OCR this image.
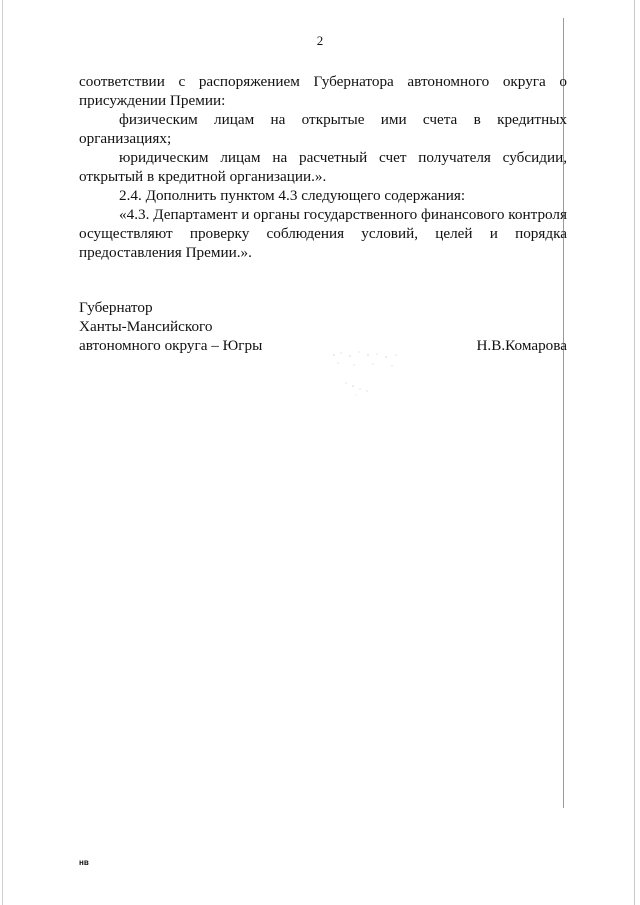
2

соответствии с распоряжением Губернатора автономного округа о присуждении Премии:

физическим лицам на открытые ими счета в кредитных организациях;

юридическим лицам на расчетный счет получателя субсидии, открытый в кредитной организации.».

2.4. Дополнить пунктом 4.3 следующего содержания:

«4.3. Департамент и органы государственного финансового контроля осуществляют проверку соблюдения условий, целей и порядка предоставления Премии.».

Губернатор
Ханты-Мансийского
автономного округа – Югры	Н.В.Комарова
нв
